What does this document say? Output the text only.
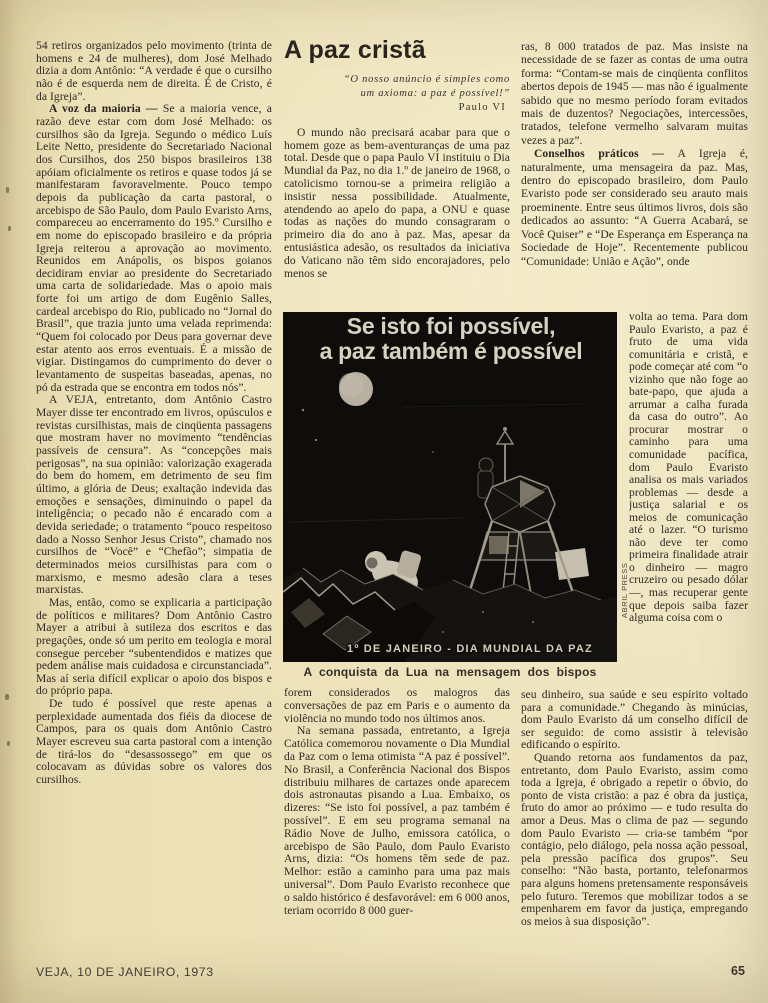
54 retiros organizados pelo movimento (trinta de homens e 24 de mulheres), dom José Melhado dizia a dom Antônio: “A verdade é que o cursilho não é de esquerda nem de direita. É de Cristo, é da Igreja”.

A voz da maioria — Se a maioria vence, a razão deve estar com dom José Melhado: os cursilhos são da Igreja. Segundo o médico Luís Leite Netto, presidente do Secretariado Nacional dos Cursilhos, dos 250 bispos brasileiros 138 apóiam oficialmente os retiros e quase todos já se manifestaram favoravelmente. Pouco tempo depois da publicação da carta pastoral, o arcebispo de São Paulo, dom Paulo Evaristo Arns, compareceu ao encerramento do 195.º Cursilho e em nome do episcopado brasileiro e da própria Igreja reiterou a aprovação ao movimento. Reunidos em Anápolis, os bispos goianos decidiram enviar ao presidente do Secretariado uma carta de solidariedade. Mas o apoio mais forte foi um artigo de dom Eugênio Salles, cardeal arcebispo do Rio, publicado no “Jornal do Brasil”, que trazia junto uma velada reprimenda: “Quem foi colocado por Deus para governar deve estar atento aos erros eventuais. É a missão de vigiar. Distingamos do cumprimento do dever o levantamento de suspeitas baseadas, apenas, no pó da estrada que se encontra em todos nós”.

A VEJA, entretanto, dom Antônio Castro Mayer disse ter encontrado em livros, opúsculos e revistas cursilhistas, mais de cinqüenta passagens que mostram haver no movimento “tendências passíveis de censura”. As “concepções mais perigosas”, na sua opinião: valorização exagerada do bem do homem, em detrimento de seu fim último, a glória de Deus; exaltação indevida das emoções e sensações, diminuindo o papel da inteligência; o pecado não é encarado com a devida seriedade; o tratamento “pouco respeitoso dado a Nosso Senhor Jesus Cristo”, chamado nos cursilhos de “Você” e “Chefão”; simpatia de determinados meios cursilhistas para com o marxismo, e mesmo adesão clara a teses marxistas.

Mas, então, como se explicaria a participação de políticos e militares? Dom Antônio Castro Mayer a atribui à sutileza dos escritos e das pregações, onde só um perito em teologia e moral consegue perceber “subentendidos e matizes que pedem análise mais cuidadosa e circunstanciada”. Mas aí seria difícil explicar o apoio dos bispos e do próprio papa.

De tudo é possível que reste apenas a perplexidade aumentada dos fiéis da diocese de Campos, para os quais dom Antônio Castro Mayer escreveu sua carta pastoral com a intenção de tirá-los do “desassossego” em que os colocavam as dúvidas sobre os valores dos cursilhos.

A paz cristã
“O nosso anúncio é simples como
um axioma: a paz é possível!”
Paulo VI

O mundo não precisará acabar para que o homem goze as bem-aventuranças de uma paz total. Desde que o papa Paulo VI instituiu o Dia Mundial da Paz, no dia 1.º de janeiro de 1968, o catolicismo tornou-se a primeira religião a insistir nessa possibilidade. Atualmente, atendendo ao apelo do papa, a ONU e quase todas as nações do mundo consagraram o primeiro dia do ano à paz. Mas, apesar da entusiástica adesão, os resultados da iniciativa do Vaticano não têm sido encorajadores, pelo menos se

Se isto foi possível,
a paz também é possível
1º DE JANEIRO - DIA MUNDIAL DA PAZ
ABRIL PRESS
A conquista da Lua na mensagem dos bispos

forem considerados os malogros das conversações de paz em Paris e o aumento da violência no mundo todo nos últimos anos.

Na semana passada, entretanto, a Igreja Católica comemorou novamente o Dia Mundial da Paz com o lema otimista “A paz é possível”. No Brasil, a Conferência Nacional dos Bispos distribuiu milhares de cartazes onde aparecem dois astronautas pisando a Lua. Embaixo, os dizeres: “Se isto foi possível, a paz também é possível”. E em seu programa semanal na Rádio Nove de Julho, emissora católica, o arcebispo de São Paulo, dom Paulo Evaristo Arns, dizia: “Os homens têm sede de paz. Melhor: estão a caminho para uma paz mais universal”. Dom Paulo Evaristo reconhece que o saldo histórico é desfavorável: em 6 000 anos, teriam ocorrido 8 000 guer-

ras, 8 000 tratados de paz. Mas insiste na necessidade de se fazer as contas de uma outra forma: “Contam-se mais de cinqüenta conflitos abertos depois de 1945 — mas não é igualmente sabido que no mesmo período foram evitados mais de duzentos? Negociações, intercessões, tratados, telefone vermelho salvaram muitas vezes a paz”.

Conselhos práticos — A Igreja é, naturalmente, uma mensageira da paz. Mas, dentro do episcopado brasileiro, dom Paulo Evaristo pode ser considerado seu arauto mais proeminente. Entre seus últimos livros, dois são dedicados ao assunto: “A Guerra Acabará, se Você Quiser” e “De Esperança em Esperança na Sociedade de Hoje”. Recentemente publicou “Comunidade: União e Ação”, onde

volta ao tema. Para dom Paulo Evaristo, a paz é fruto de uma vida comunitária e cristã, e pode começar até com “o vizinho que não foge ao bate-papo, que ajuda a arrumar a calha furada da casa do outro”. Ao procurar mostrar o caminho para uma comunidade pacífica, dom Paulo Evaristo analisa os mais variados problemas — desde a justiça salarial e os meios de comunicação até o lazer. “O turismo não deve ter como primeira finalidade atrair o dinheiro — magro cruzeiro ou pesado dólar —, mas recuperar gente que depois saiba fazer alguma coisa com o

seu dinheiro, sua saúde e seu espírito voltado para a comunidade.” Chegando às minúcias, dom Paulo Evaristo dá um conselho difícil de ser seguido: de como assistir à televisão edificando o espírito.

Quando retorna aos fundamentos da paz, entretanto, dom Paulo Evaristo, assim como toda a Igreja, é obrigado a repetir o óbvio, do ponto de vista cristão: a paz é obra da justiça, fruto do amor ao próximo — e tudo resulta do amor a Deus. Mas o clima de paz — segundo dom Paulo Evaristo — cria-se também “por contágio, pelo diálogo, pela nossa ação pessoal, pela pressão pacífica dos grupos”. Seu conselho: “Não basta, portanto, telefonarmos para alguns homens pretensamente responsáveis pelo futuro. Teremos que mobilizar todos a se empenharem em favor da justiça, empregando os meios à sua disposição”.

VEJA, 10 DE JANEIRO, 1973	65
